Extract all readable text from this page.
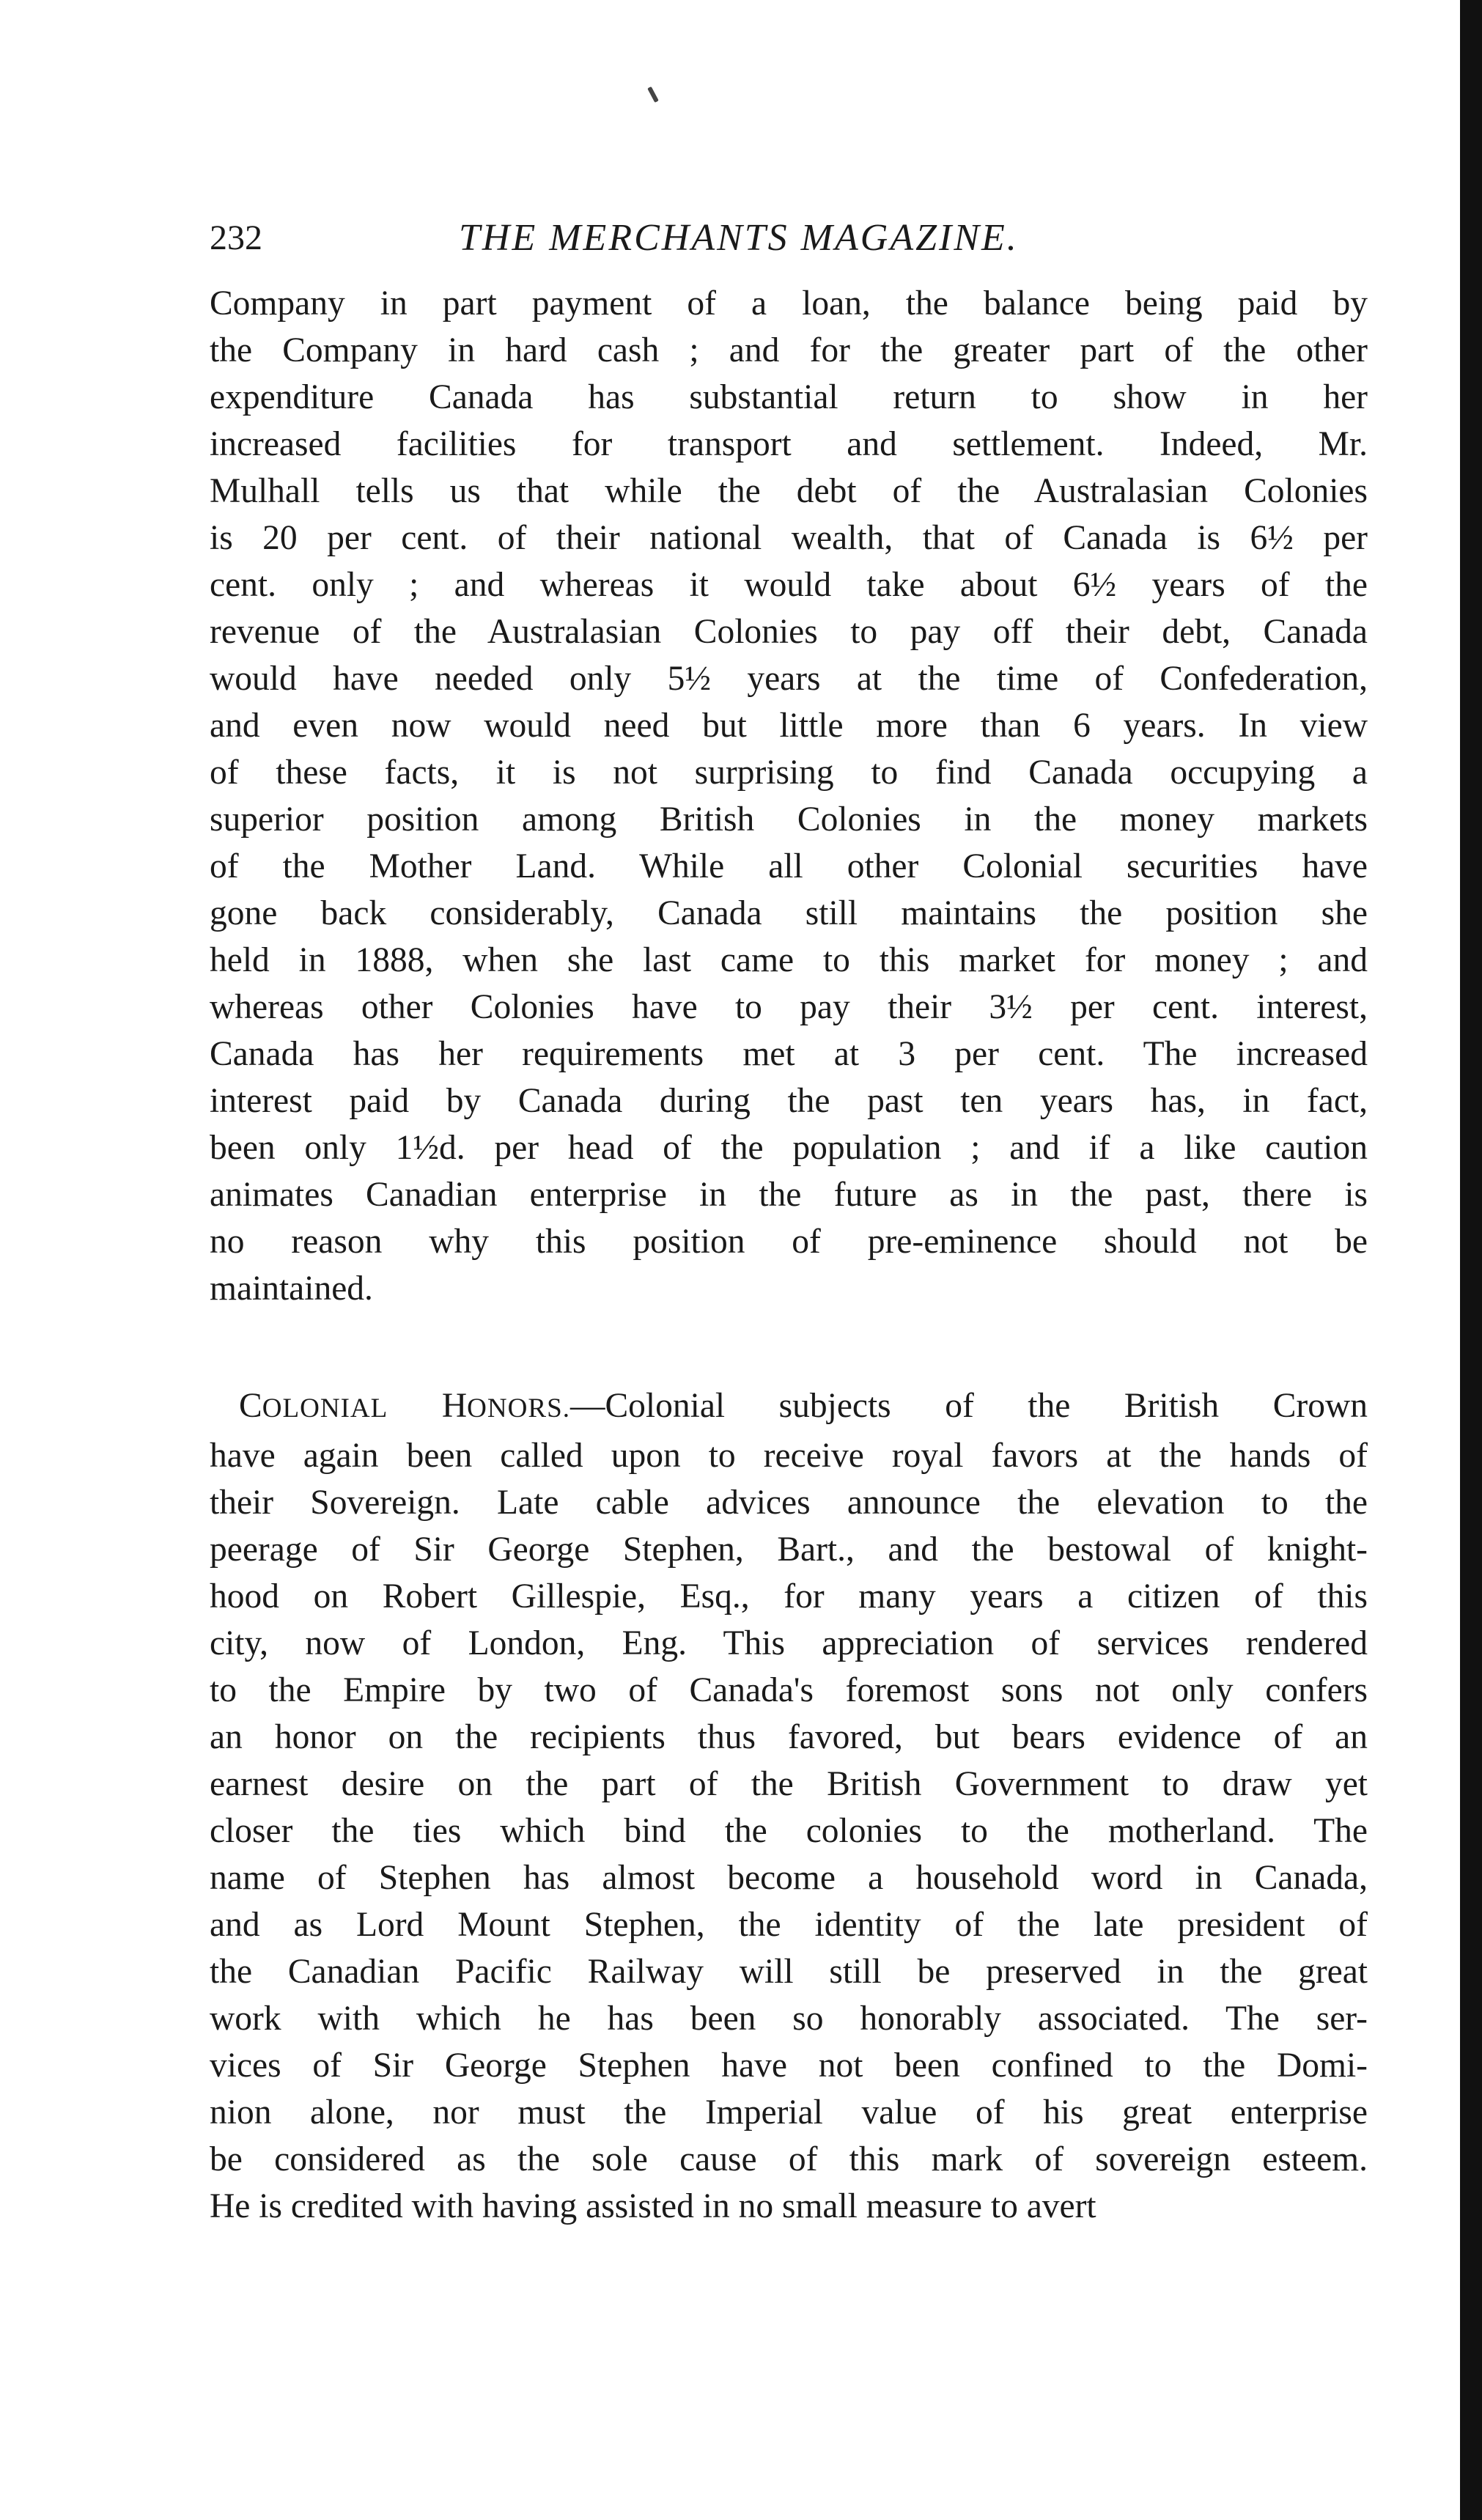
232	THE MERCHANTS MAGAZINE.

Company in part payment of a loan, the balance being paid by

the Company in hard cash ; and for the greater part of the other

expenditure Canada has substantial return to show in her

increased facilities for transport and settlement. Indeed, Mr.

Mulhall tells us that while the debt of the Australasian Colonies

is 20 per cent. of their national wealth, that of Canada is 6½ per

cent. only ; and whereas it would take about 6½ years of the

revenue of the Australasian Colonies to pay off their debt, Canada

would have needed only 5½ years at the time of Confederation,

and even now would need but little more than 6 years. In view

of these facts, it is not surprising to find Canada occupying a

superior position among British Colonies in the money markets

of the Mother Land. While all other Colonial securities have

gone back considerably, Canada still maintains the position she

held in 1888, when she last came to this market for money ; and

whereas other Colonies have to pay their 3½ per cent. interest,

Canada has her requirements met at 3 per cent. The increased

interest paid by Canada during the past ten years has, in fact,

been only 1½d. per head of the population ; and if a like caution

animates Canadian enterprise in the future as in the past, there is

no reason why this position of pre-eminence should not be

maintained.

COLONIAL HONORS.—Colonial subjects of the British Crown

have again been called upon to receive royal favors at the hands of

their Sovereign. Late cable advices announce the elevation to the

peerage of Sir George Stephen, Bart., and the bestowal of knight-

hood on Robert Gillespie, Esq., for many years a citizen of this

city, now of London, Eng. This appreciation of services rendered

to the Empire by two of Canada's foremost sons not only confers

an honor on the recipients thus favored, but bears evidence of an

earnest desire on the part of the British Government to draw yet

closer the ties which bind the colonies to the motherland. The

name of Stephen has almost become a household word in Canada,

and as Lord Mount Stephen, the identity of the late president of

the Canadian Pacific Railway will still be preserved in the great

work with which he has been so honorably associated. The ser-

vices of Sir George Stephen have not been confined to the Domi-

nion alone, nor must the Imperial value of his great enterprise

be considered as the sole cause of this mark of sovereign esteem.

He is credited with having assisted in no small measure to avert
